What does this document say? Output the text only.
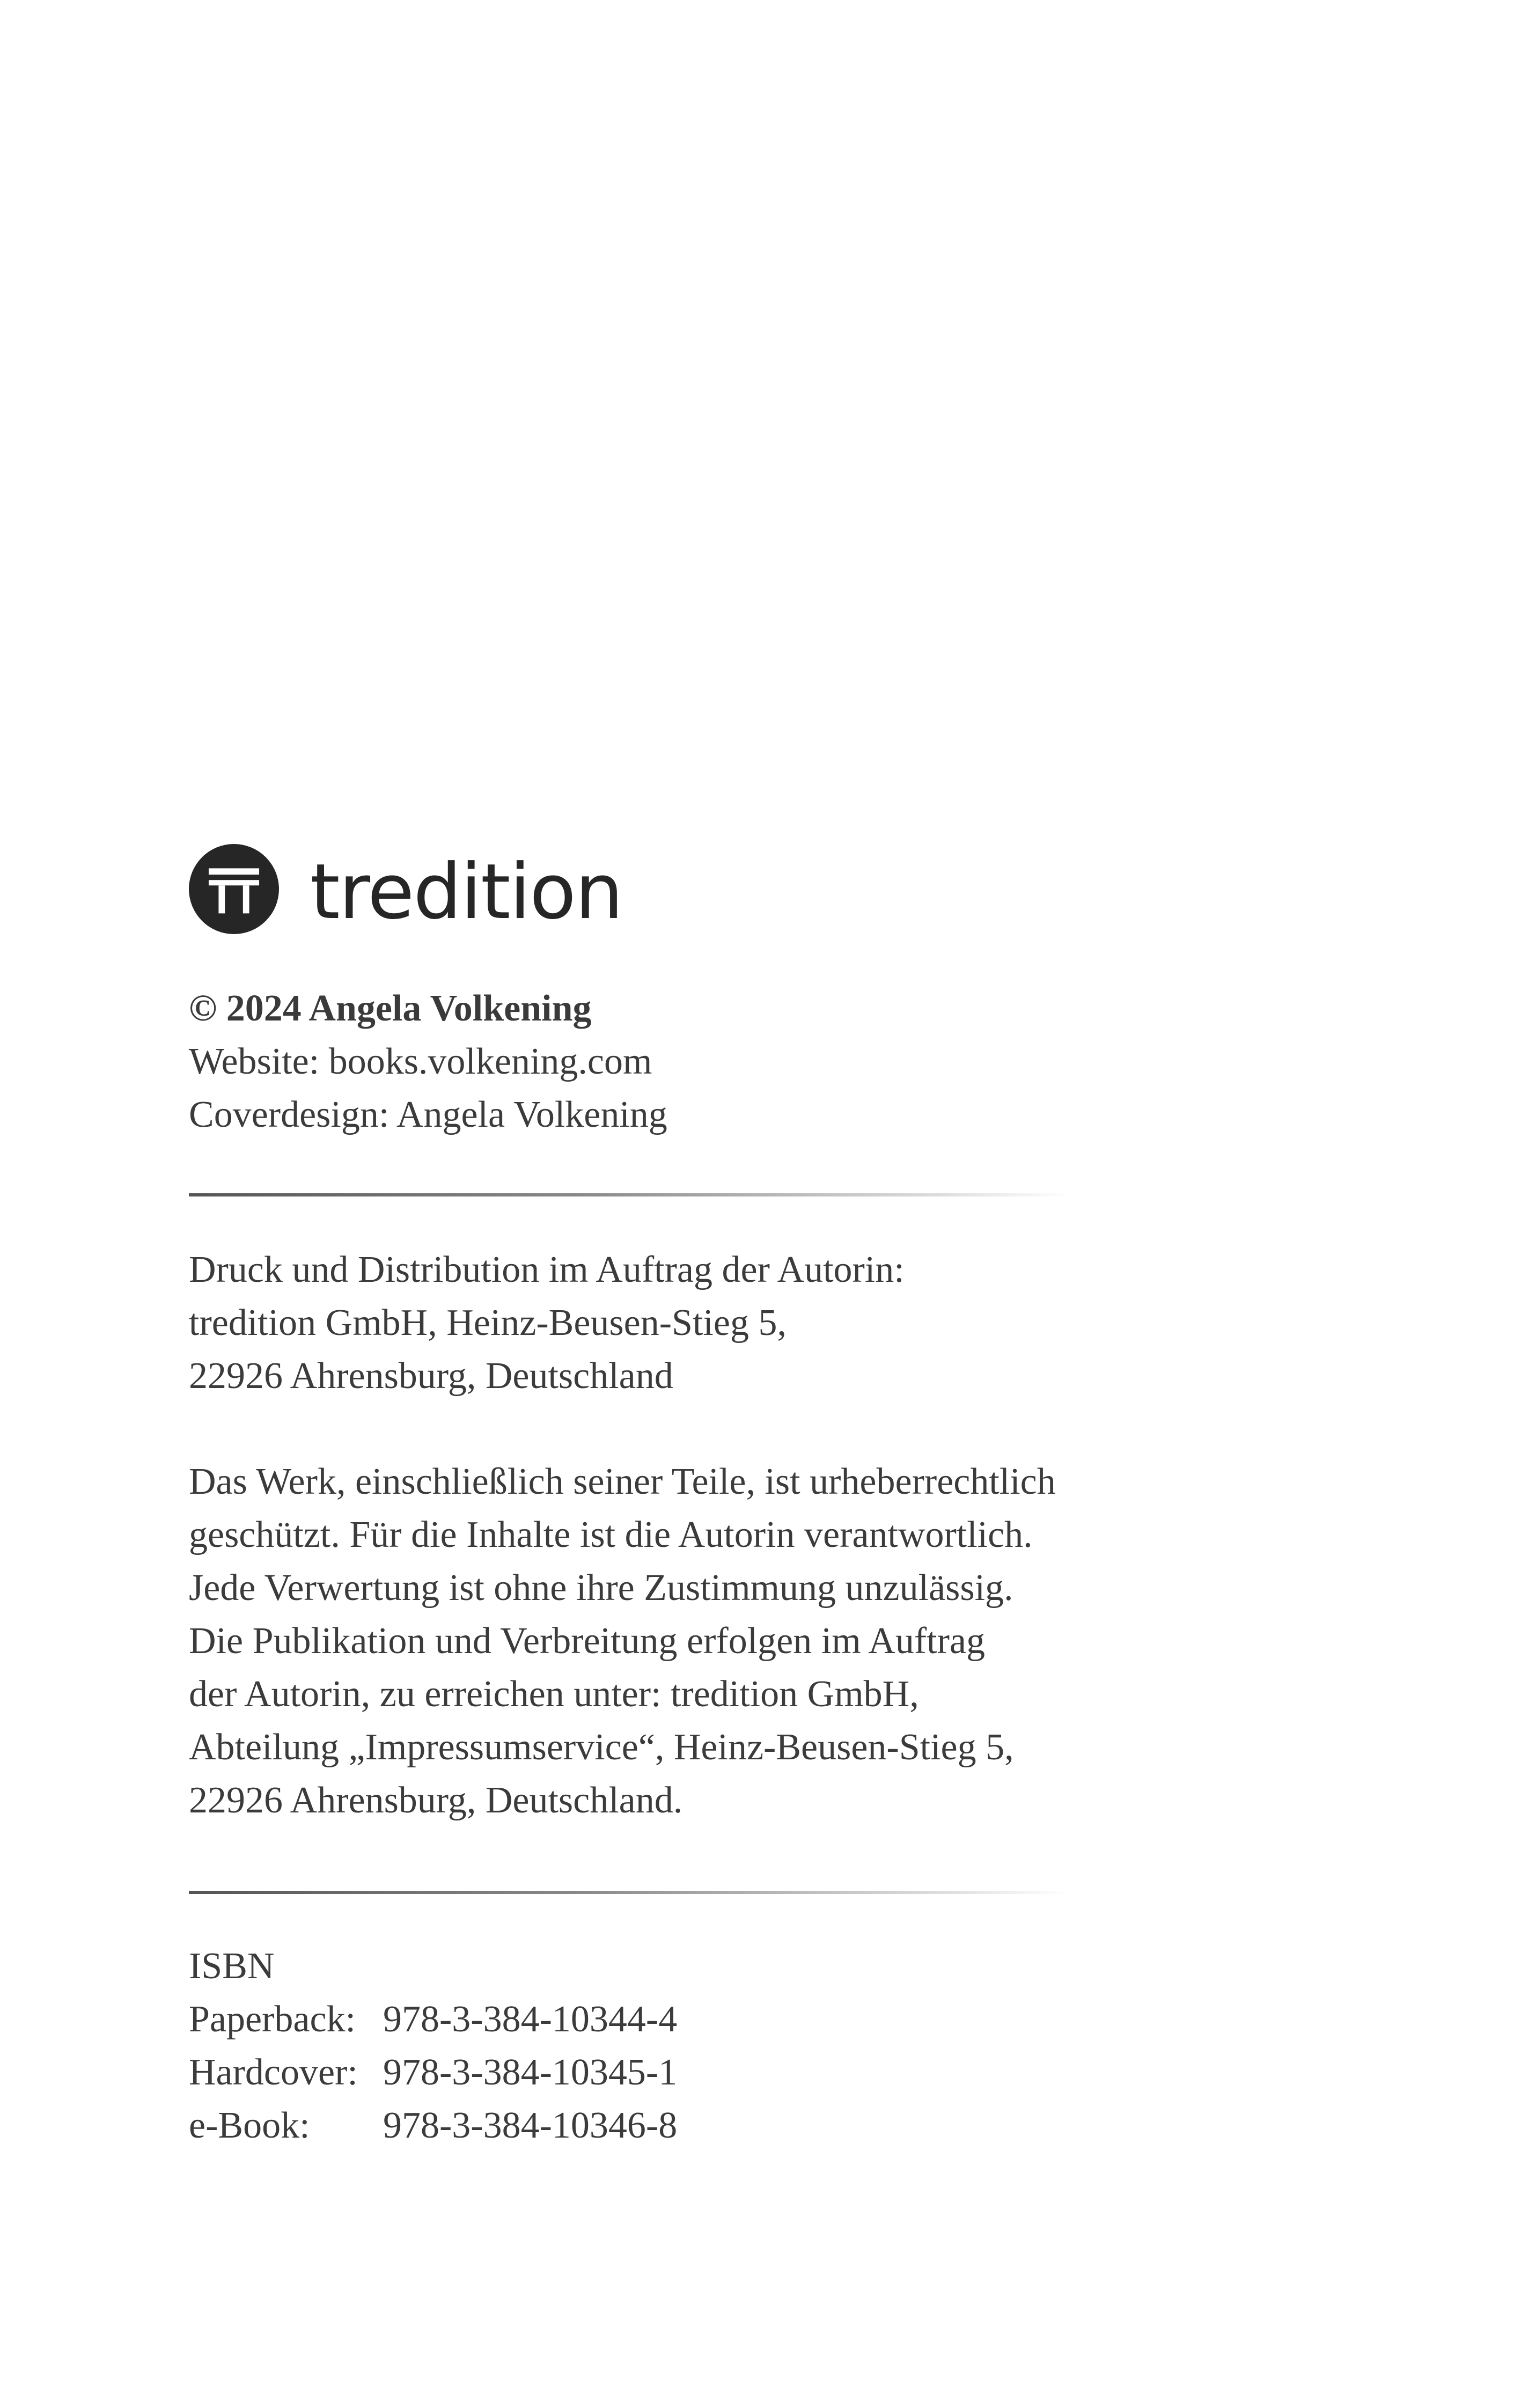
tredition
© 2024 Angela Volkening
Website: books.volkening.com
Coverdesign: Angela Volkening
Druck und Distribution im Auftrag der Autorin:
tredition GmbH, Heinz-Beusen-Stieg 5,
22926 Ahrensburg, Deutschland
Das Werk, einschließlich seiner Teile, ist urheberrechtlich
geschützt. Für die Inhalte ist die Autorin verantwortlich.
Jede Verwertung ist ohne ihre Zustimmung unzulässig.
Die Publikation und Verbreitung erfolgen im Auftrag
der Autorin, zu erreichen unter: tredition GmbH,
Abteilung „Impressumservice“, Heinz-Beusen-Stieg 5,
22926 Ahrensburg, Deutschland.
ISBN
Paperback: 978-3-384-10344-4
Hardcover: 978-3-384-10345-1
e-Book: 978-3-384-10346-8
